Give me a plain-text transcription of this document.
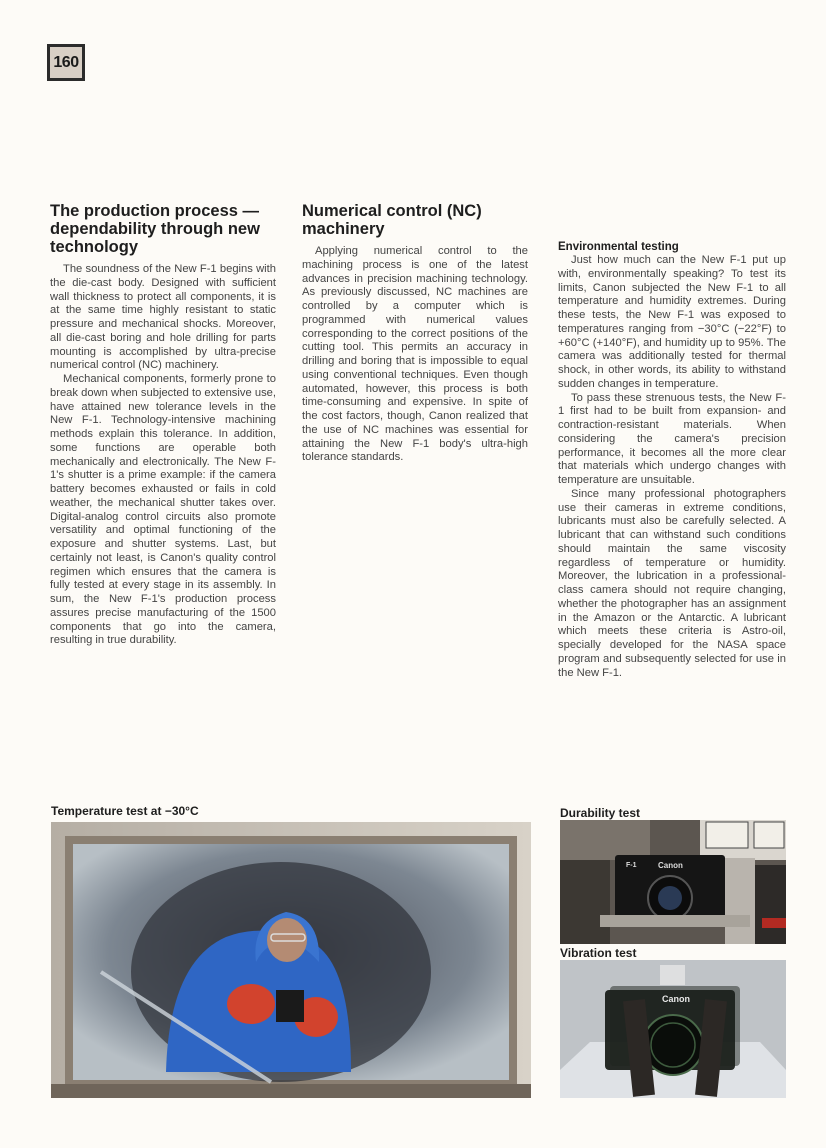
160
The production process — dependability through new technology

The soundness of the New F-1 begins with the die-cast body. Designed with sufficient wall thickness to protect all components, it is at the same time highly resistant to static pressure and mechanical shocks. Moreover, all die-cast boring and hole drilling for parts mounting is accomplished by ultra-precise numerical control (NC) machinery.

Mechanical components, formerly prone to break down when subjected to extensive use, have attained new tolerance levels in the New F-1. Technology-intensive machining methods explain this tolerance. In addition, some functions are operable both mechanically and electronically. The New F-1's shutter is a prime example: if the camera battery becomes exhausted or fails in cold weather, the mechanical shutter takes over. Digital-analog control circuits also promote versatility and optimal functioning of the exposure and shutter systems. Last, but certainly not least, is Canon's quality control regimen which ensures that the camera is fully tested at every stage in its assembly. In sum, the New F-1's production process assures precise manufacturing of the 1500 components that go into the camera, resulting in true durability.

Numerical control (NC) machinery

Applying numerical control to the machining process is one of the latest advances in precision machining technology. As previously discussed, NC machines are controlled by a computer which is programmed with numerical values corresponding to the correct positions of the cutting tool. This permits an accuracy in drilling and boring that is impossible to equal using conventional techniques. Even though automated, however, this process is both time-consuming and expensive. In spite of the cost factors, though, Canon realized that the use of NC machines was essential for attaining the New F-1 body's ultra-high tolerance standards.

Environmental testing

Just how much can the New F-1 put up with, environmentally speaking? To test its limits, Canon subjected the New F-1 to all temperature and humidity extremes. During these tests, the New F-1 was exposed to temperatures ranging from −30°C (−22°F) to +60°C (+140°F), and humidity up to 95%. The camera was additionally tested for thermal shock, in other words, its ability to withstand sudden changes in temperature.

To pass these strenuous tests, the New F-1 first had to be built from expansion- and contraction-resistant materials. When considering the camera's precision performance, it becomes all the more clear that materials which undergo changes with temperature are unsuitable.

Since many professional photographers use their cameras in extreme conditions, lubricants must also be carefully selected. A lubricant that can withstand such conditions should maintain the same viscosity regardless of temperature or humidity. Moreover, the lubrication in a professional-class camera should not require changing, whether the photographer has an assignment in the Amazon or the Antarctic. A lubricant which meets these criteria is Astro-oil, specially developed for the NASA space program and subsequently selected for use in the New F-1.

Temperature test at −30°C	Durability test
Canon
F-1
Vibration test
Canon
